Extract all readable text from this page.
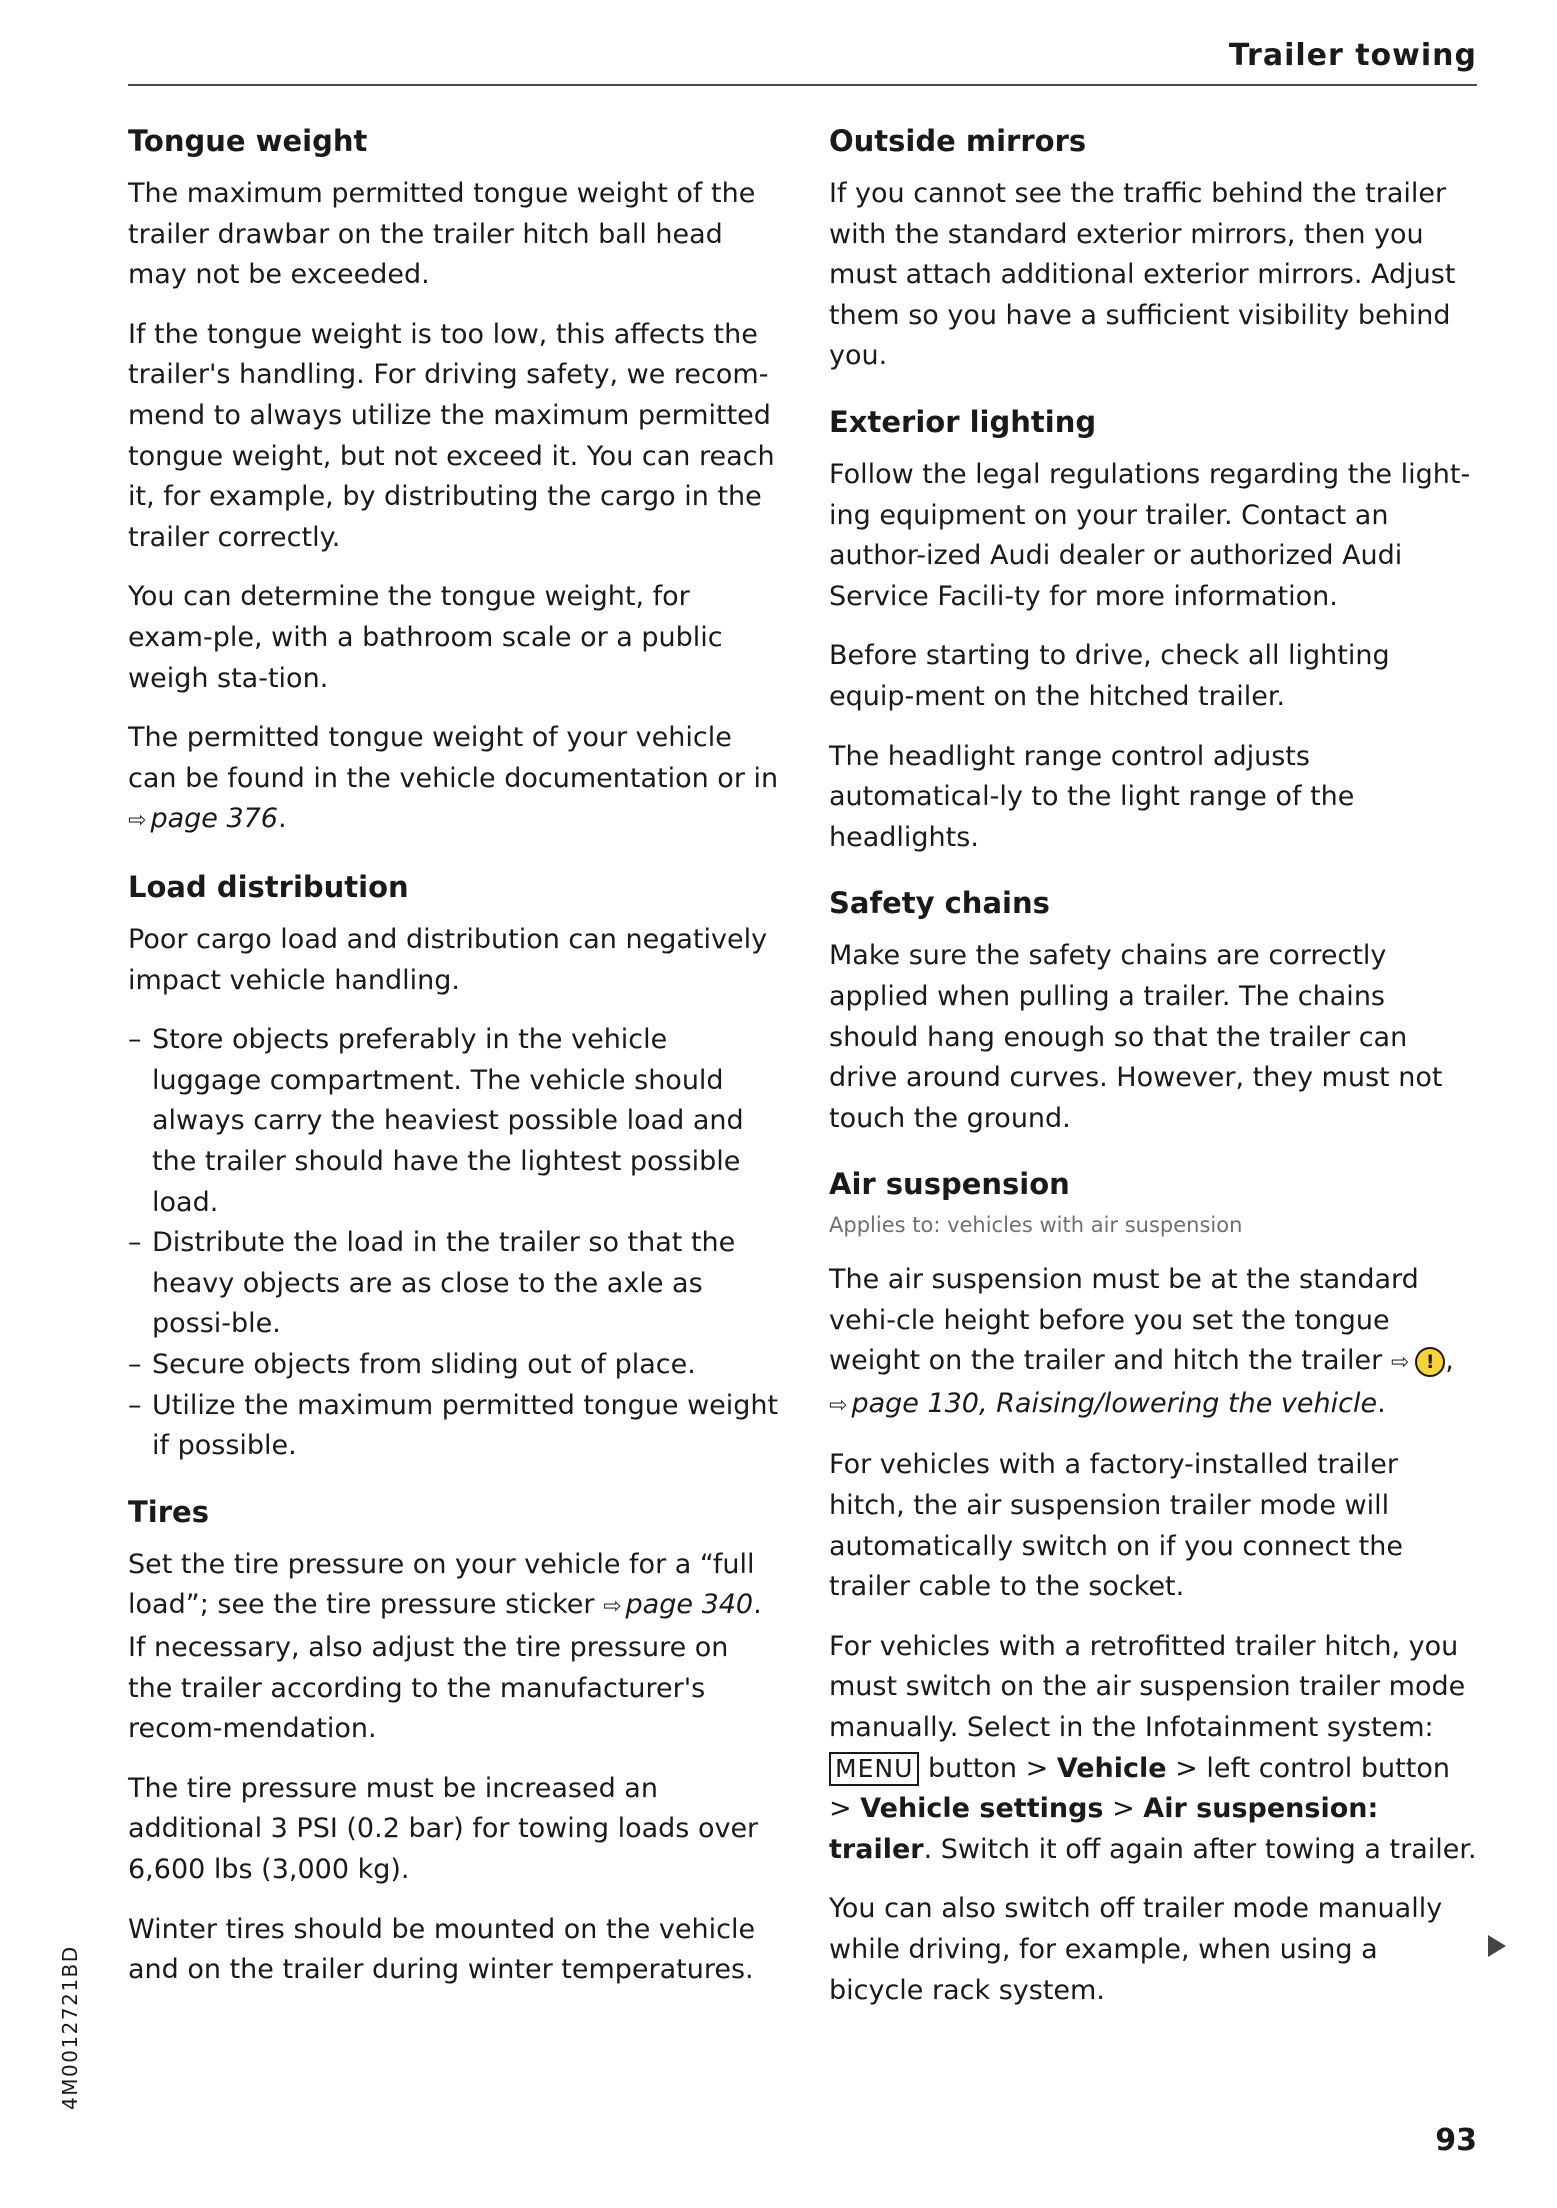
Trailer towing
Tongue weight

The maximum permitted tongue weight of the trailer drawbar on the trailer hitch ball head may not be exceeded.

If the tongue weight is too low, this affects the trailer's handling. For driving safety, we recom-mend to always utilize the maximum permitted tongue weight, but not exceed it. You can reach it, for example, by distributing the cargo in the trailer correctly.

You can determine the tongue weight, for exam-ple, with a bathroom scale or a public weigh sta-tion.

The permitted tongue weight of your vehicle can be found in the vehicle documentation or in ⇨ page 376.

Load distribution

Poor cargo load and distribution can negatively impact vehicle handling.

– Store objects preferably in the vehicle luggage compartment. The vehicle should always carry the heaviest possible load and the trailer should have the lightest possible load.
– Distribute the load in the trailer so that the heavy objects are as close to the axle as possi-ble.
– Secure objects from sliding out of place.
– Utilize the maximum permitted tongue weight if possible.
Tires

Set the tire pressure on your vehicle for a “full load”; see the tire pressure sticker ⇨ page 340. If necessary, also adjust the tire pressure on the trailer according to the manufacturer's recom-mendation.

The tire pressure must be increased an additional 3 PSI (0.2 bar) for towing loads over 6,600 lbs (3,000 kg).

Winter tires should be mounted on the vehicle and on the trailer during winter temperatures.

Outside mirrors

If you cannot see the traffic behind the trailer with the standard exterior mirrors, then you must attach additional exterior mirrors. Adjust them so you have a sufficient visibility behind you.

Exterior lighting

Follow the legal regulations regarding the light-ing equipment on your trailer. Contact an author-ized Audi dealer or authorized Audi Service Facili-ty for more information.

Before starting to drive, check all lighting equip-ment on the hitched trailer.

The headlight range control adjusts automatical-ly to the light range of the headlights.

Safety chains

Make sure the safety chains are correctly applied when pulling a trailer. The chains should hang enough so that the trailer can drive around curves. However, they must not touch the ground.

Air suspension

Applies to: vehicles with air suspension

The air suspension must be at the standard vehi-cle height before you set the tongue weight on the trailer and hitch the trailer ⇨ ! , ⇨ page 130, Raising/lowering the vehicle.

For vehicles with a factory-installed trailer hitch, the air suspension trailer mode will automatically switch on if you connect the trailer cable to the socket.

For vehicles with a retrofitted trailer hitch, you must switch on the air suspension trailer mode manually. Select in the Infotainment system: MENU button > Vehicle > left control button > Vehicle settings > Air suspension: trailer. Switch it off again after towing a trailer.

You can also switch off trailer mode manually while driving, for example, when using a bicycle rack system.

4M0012721BD
93
